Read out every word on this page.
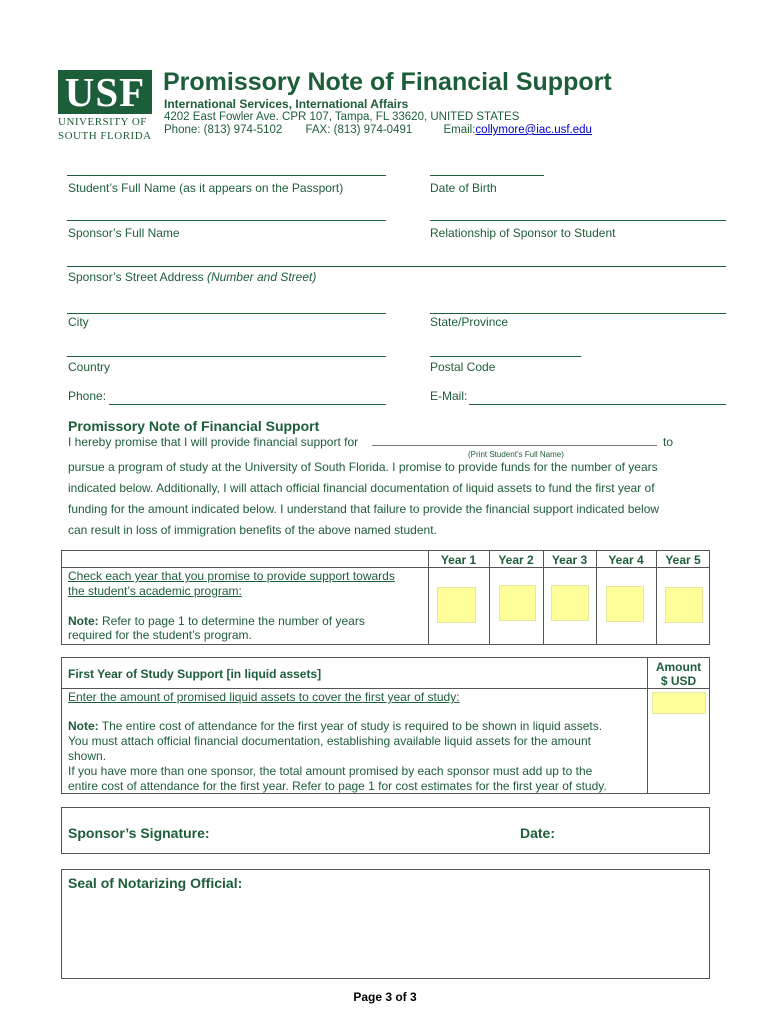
USF
UNIVERSITY OF
SOUTH FLORIDA
Promissory Note of Financial Support
International Services, International Affairs
4202 East Fowler Ave. CPR 107, Tampa, FL 33620, UNITED STATES
Phone: (813) 974-5102 FAX: (813) 974-0491	Email:collymore@iac.usf.edu
Student’s Full Name (as it appears on the Passport)	Date of Birth
Sponsor’s Full Name	Relationship of Sponsor to Student
Sponsor’s Street Address (Number and Street)
City	State/Province
Country	Postal Code
Phone:	E-Mail:
Promissory Note of Financial Support
I hereby promise that I will provide financial support for	to
(Print Student’s Full Name)
pursue a program of study at the University of South Florida. I promise to provide funds for the number of years
indicated below. Additionally, I will attach official financial documentation of liquid assets to fund the first year of
funding for the amount indicated below. I understand that failure to provide the financial support indicated below
can result in loss of immigration benefits of the above named student.
Year 1	Year 2	Year 3	Year 4	Year 5
Check each year that you promise to provide support towards
the student’s academic program:
Note: Refer to page 1 to determine the number of years
required for the student’s program.
First Year of Study Support [in liquid assets]	Amount
$ USD
Enter the amount of promised liquid assets to cover the first year of study:
Note: The entire cost of attendance for the first year of study is required to be shown in liquid assets.
You must attach official financial documentation, establishing available liquid assets for the amount
shown.
If you have more than one sponsor, the total amount promised by each sponsor must add up to the
entire cost of attendance for the first year. Refer to page 1 for cost estimates for the first year of study.
Sponsor’s Signature:	Date:
Seal of Notarizing Official:
Page 3 of 3
